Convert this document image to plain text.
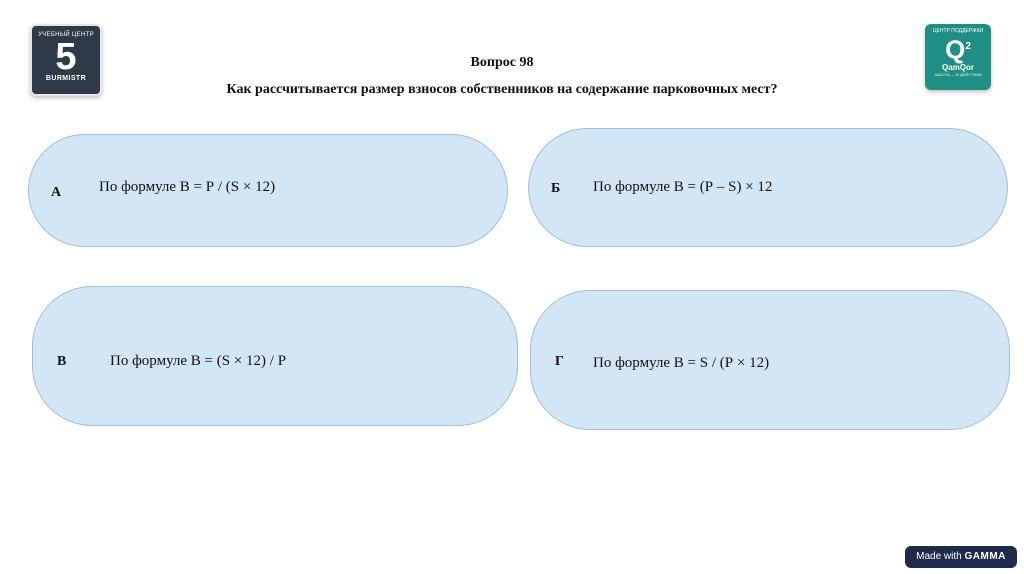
УЧЕБНЫЙ ЦЕНТР
5
BURMISTR
ЦЕНТР ПОДДЕРЖКИ
$Q^2$
QamQor
ЗАБОТА — В ДЕЙСТВИИ
Вопрос 98
Как рассчитывается размер взносов собственников на содержание парковочных мест?
А	По формуле В = Р / (S × 12)	Б По формуле В = (Р – S) × 12
В	По формуле В = (S × 12) / Р	Г По формуле В = S / (Р × 12)
Made with GAMMA
